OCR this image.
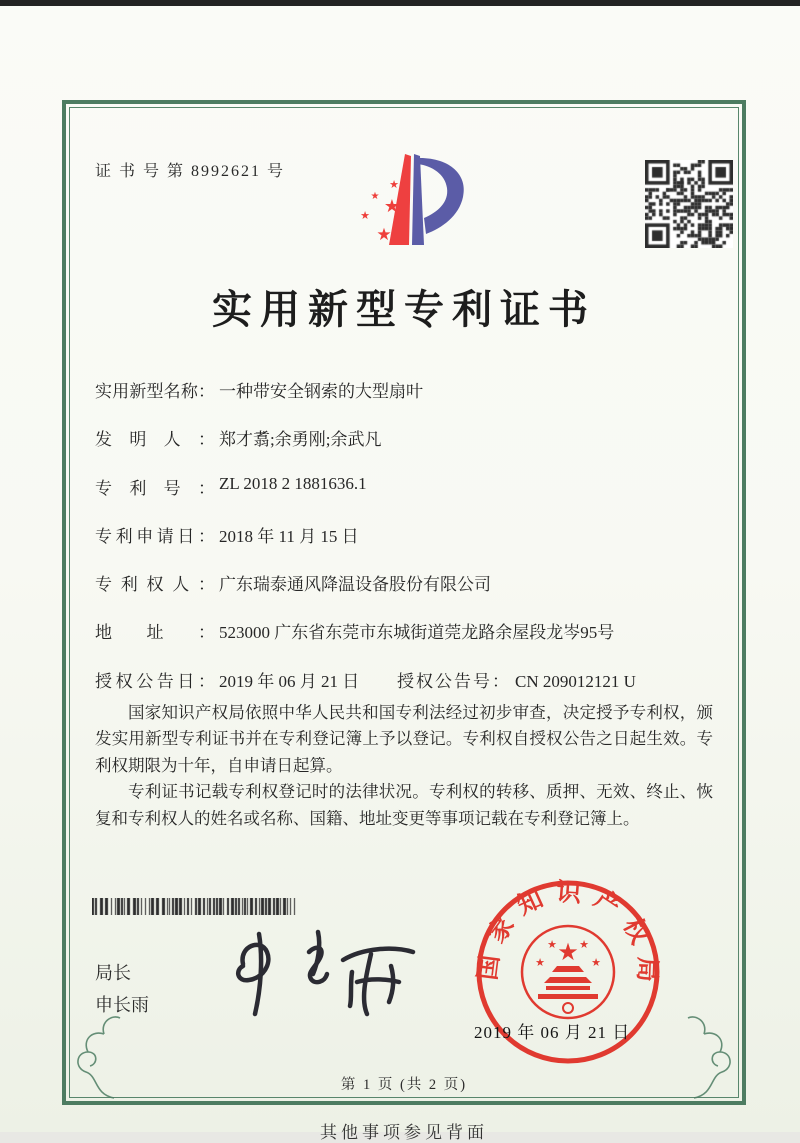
证 书 号 第 8992621 号
★
★ ★
★
★
实用新型专利证书
实用新型名称： 一种带安全钢索的大型扇叶
发明人： 郑才翥;余勇刚;余武凡
专利号： ZL 2018 2 1881636.1
专利申请日： 2018 年 11 月 15 日
专利权人： 广东瑞泰通风降温设备股份有限公司
地址： 523000 广东省东莞市东城街道莞龙路余屋段龙岑95号
授权公告日： 2019 年 06 月 21 日 授权公告号： CN 209012121 U

国家知识产权局依照中华人民共和国专利法经过初步审查，决定授予专利权，颁发实用新型专利证书并在专利登记簿上予以登记。专利权自授权公告之日起生效。专利权期限为十年，自申请日起算。

专利证书记载专利权登记时的法律状况。专利权的转移、质押、无效、终止、恢复和专利权人的姓名或名称、国籍、地址变更等事项记载在专利登记簿上。

局长
申长雨
国家知识产权局
★
★
★ ★
★
2019 年 06 月 21 日
第 1 页 (共 2 页)
其他事项参见背面
